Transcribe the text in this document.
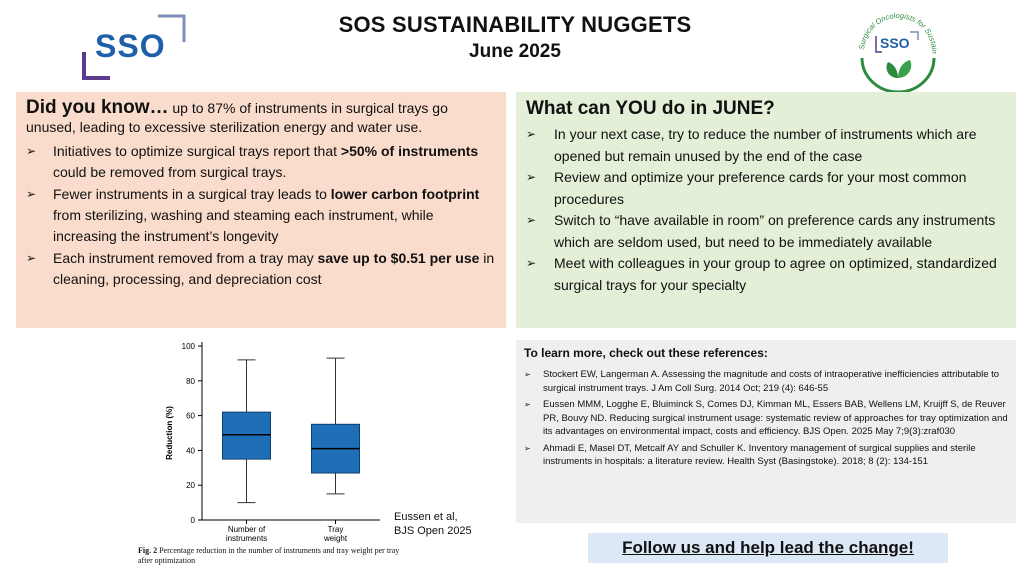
SSO
SOS SUSTAINABILITY NUGGETS
June 2025	Surgical Oncologists for Sustain
SSO
Did you know… up to 87% of instruments in surgical trays go unused, leading to excessive sterilization energy and water use.
➢ Initiatives to optimize surgical trays report that >50% of instruments could be removed from surgical trays.
➢ Fewer instruments in a surgical tray leads to lower carbon footprint from sterilizing, washing and steaming each instrument, while increasing the instrument’s longevity
➢ Each instrument removed from a tray may save up to $0.51 per use in cleaning, processing, and depreciation cost
What can YOU do in JUNE?
➢ In your next case, try to reduce the number of instruments which are opened but remain unused by the end of the case
➢ Review and optimize your preference cards for your most common procedures
➢ Switch to “have available in room” on preference cards any instruments which are seldom used, but need to be immediately available
➢ Meet with colleagues in your group to agree on optimized, standardized surgical trays for your specialty
0
20
40
60
80
100
Reduction (%)
Number of
instruments
Tray
weight
Eussen et al,
BJS Open 2025
Fig. 2 Percentage reduction in the number of instruments and tray weight per tray after optimization
To learn more, check out these references:
➢ Stockert EW, Langerman A. Assessing the magnitude and costs of intraoperative inefficiencies attributable to surgical instrument trays. J Am Coll Surg. 2014 Oct; 219 (4): 646-55
➢ Eussen MMM, Logghe E, Bluiminck S, Comes DJ, Kimman ML, Essers BAB, Wellens LM, Kruijff S, de Reuver PR, Bouvy ND. Reducing surgical instrument usage: systematic review of approaches for tray optimization and its advantages on environmental impact, costs and efficiency. BJS Open. 2025 May 7;9(3):zraf030
➢ Ahmadi E, Masel DT, Metcalf AY and Schuller K. Inventory management of surgical supplies and sterile instruments in hospitals: a literature review. Health Syst (Basingstoke). 2018; 8 (2): 134-151
Follow us and help lead the change!
